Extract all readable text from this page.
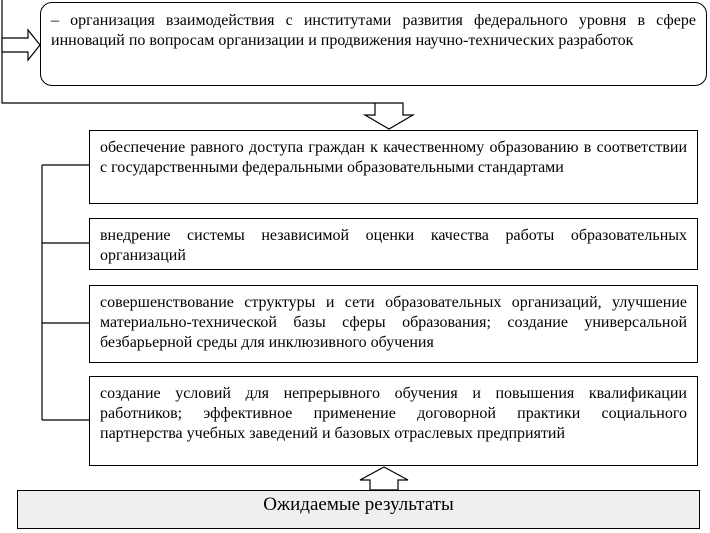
– организация взаимодействия с институтами развития федерального уровня в сфере инноваций по вопросам организации и продвижения научно-технических разработок
обеспечение равного доступа граждан к качественному образованию в соответствии с государственными федеральными образовательными стандартами
внедрение системы независимой оценки качества работы образовательных организаций
совершенствование структуры и сети образовательных организаций, улучшение материально-технической базы сферы образования; создание универсальной безбарьерной среды для инклюзивного обучения
создание условий для непрерывного обучения и повышения квалификации работников; эффективное применение договорной практики социального партнерства учебных заведений и базовых отраслевых предприятий
Ожидаемые результаты
